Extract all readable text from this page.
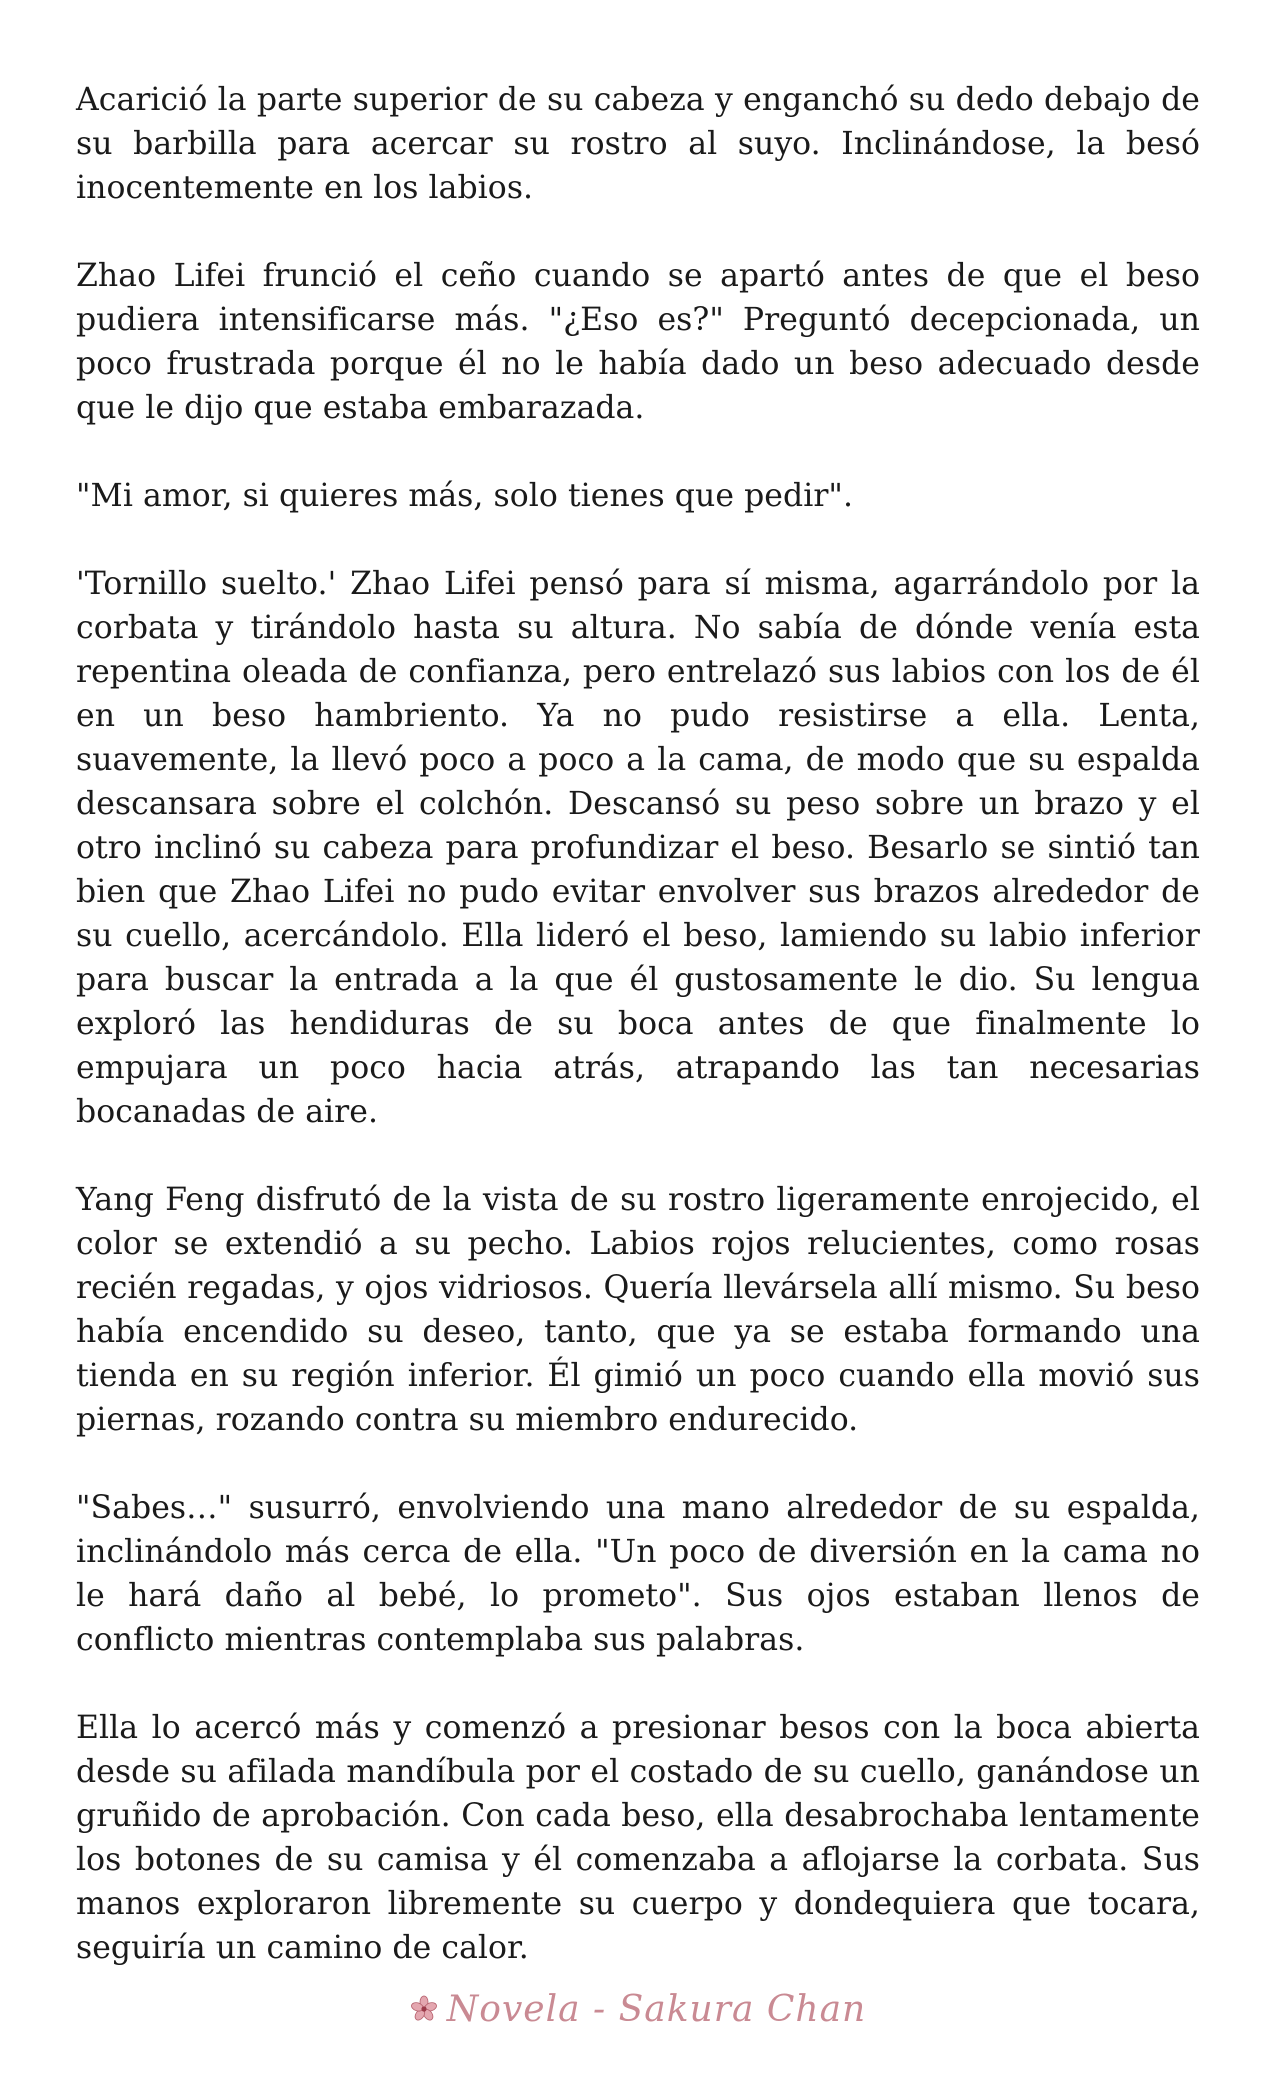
Acarició la parte superior de su cabeza y enganchó su dedo debajo de su barbilla para acercar su rostro al suyo. Inclinándose, la besó inocentemente en los labios.

Zhao Lifei frunció el ceño cuando se apartó antes de que el beso pudiera intensificarse más. "¿Eso es?" Preguntó decepcionada, un poco frustrada porque él no le había dado un beso adecuado desde que le dijo que estaba embarazada.

"Mi amor, si quieres más, solo tienes que pedir".

'Tornillo suelto.' Zhao Lifei pensó para sí misma, agarrándolo por la corbata y tirándolo hasta su altura. No sabía de dónde venía esta repentina oleada de confianza, pero entrelazó sus labios con los de él en un beso hambriento. Ya no pudo resistirse a ella. Lenta, suavemente, la llevó poco a poco a la cama, de modo que su espalda descansara sobre el colchón. Descansó su peso sobre un brazo y el otro inclinó su cabeza para profundizar el beso. Besarlo se sintió tan bien que Zhao Lifei no pudo evitar envolver sus brazos alrededor de su cuello, acercándolo. Ella lideró el beso, lamiendo su labio inferior para buscar la entrada a la que él gustosamente le dio. Su lengua exploró las hendiduras de su boca antes de que finalmente lo empujara un poco hacia atrás, atrapando las tan necesarias bocanadas de aire.

Yang Feng disfrutó de la vista de su rostro ligeramente enrojecido, el color se extendió a su pecho. Labios rojos relucientes, como rosas recién regadas, y ojos vidriosos. Quería llevársela allí mismo. Su beso había encendido su deseo, tanto, que ya se estaba formando una tienda en su región inferior. Él gimió un poco cuando ella movió sus piernas, rozando contra su miembro endurecido.

"Sabes…" susurró, envolviendo una mano alrededor de su espalda, inclinándolo más cerca de ella. "Un poco de diversión en la cama no le hará daño al bebé, lo prometo". Sus ojos estaban llenos de conflicto mientras contemplaba sus palabras.

Ella lo acercó más y comenzó a presionar besos con la boca abierta desde su afilada mandíbula por el costado de su cuello, ganándose un gruñido de aprobación. Con cada beso, ella desabrochaba lentamente los botones de su camisa y él comenzaba a aflojarse la corbata. Sus manos exploraron libremente su cuerpo y dondequiera que tocara, seguiría un camino de calor.

Novela - Sakura Chan
